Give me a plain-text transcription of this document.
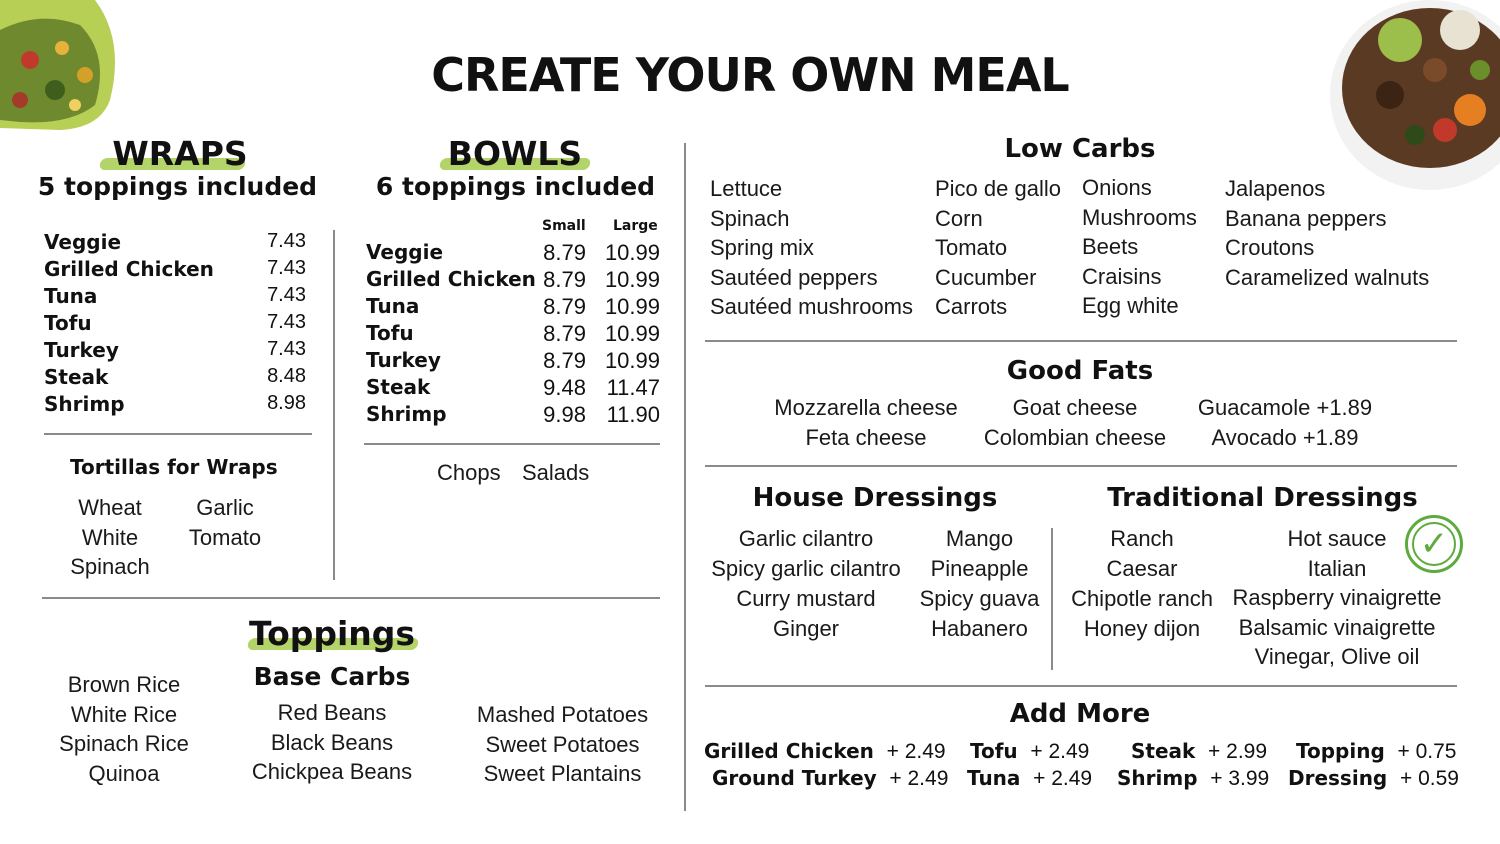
CREATE YOUR OWN MEAL
WRAPS
5 toppings included
Veggie	7.43
Grilled Chicken	7.43
Tuna	7.43
Tofu	7.43
Turkey	7.43
Steak	8.48
Shrimp	8.98
Tortillas for Wraps
Wheat
White
Spinach
Garlic
Tomato
BOWLS
6 toppings included
Small Large
Veggie	8.79 10.99
Grilled Chicken 8.79 10.99
Tuna	8.79 10.99
Tofu	8.79 10.99
Turkey	8.79 10.99
Steak	9.48 11.47
Shrimp	9.98 11.90
Chops Salads
Toppings
Base Carbs
Brown Rice
White Rice
Spinach Rice
Quinoa
Red Beans
Black Beans
Chickpea Beans
Mashed Potatoes
Sweet Potatoes
Sweet Plantains
Low Carbs
Lettuce
Spinach
Spring mix
Sautéed peppers
Sautéed mushrooms
Pico de gallo
Corn
Tomato
Cucumber
Carrots
Onions
Mushrooms
Beets
Craisins
Egg white
Jalapenos
Banana peppers
Croutons
Caramelized walnuts
Good Fats
Mozzarella cheese
Feta cheese
Goat cheese
Colombian cheese
Guacamole +1.89
Avocado +1.89
House Dressings
Garlic cilantro
Spicy garlic cilantro
Curry mustard
Ginger
Mango
Pineapple
Spicy guava
Habanero
Traditional Dressings
Ranch
Caesar
Chipotle ranch
Honey dijon
Hot sauce
Italian
Raspberry vinaigrette
Balsamic vinaigrette
Vinegar, Olive oil
✓
Add More
Grilled Chicken + 2.49
Ground Turkey + 2.49
Tofu + 2.49
Tuna + 2.49
Steak + 2.99
Shrimp + 3.99
Topping + 0.75
Dressing + 0.59
